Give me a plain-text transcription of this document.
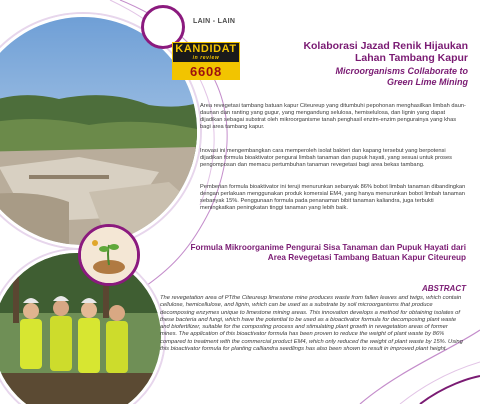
LAIN - LAIN
KANDIDAT
in review
6608
Kolaborasi Jazad Renik Hijaukan Lahan Tambang Kapur
Microorganisms Collaborate to Green Lime Mining
Area revegetasi tambang batuan kapur Citeureup yang ditumbuhi pepohonan menghasilkan limbah daun-daunan dan ranting yang gugur, yang mengandung selulosa, hemiselulosa, dan lignin yang dapat dijadikan sebagai substrat oleh mikroorganisme tanah penghasil enzim-enzim pengurainya yang khas bagi area tambang kapur.
Inovasi ini mengembangkan cara memperoleh isolat bakteri dan kapang tersebut yang berpotensi dijadikan formula bioaktivator pengurai limbah tanaman dan pupuk hayati, yang sesuai untuk proses pengomposan dan memacu pertumbuhan tanaman revegetasi bagi area bekas tambang.
Pemberian formula bioaktivator ini teruji menurunkan sebanyak 86% bobot limbah tanaman dibandingkan dengan perlakuan menggunakan produk komersial EM4, yang hanya menurunkan bobot limbah tanaman sebanyak 15%. Penggunaan formula pada penanaman bibit tanaman kaliandra, juga terbukti meningkatkan peningkatan tinggi tanaman yang lebih baik.
Formula Mikroorganime Pengurai Sisa Tanaman dan Pupuk Hayati dari Area Revegetasi Tambang Batuan Kapur Citeureup
ABSTRACT
The revegetation area of PTthe Citeureup limestone mine produces waste from fallen leaves and twigs, which contain cellulose, hemicellulose, and lignin, which can be used as a substrate by soil microorganisms that produce decomposing enzymes unique to limestone mining areas. This innovation develops a method for obtaining isolates of these bacteria and fungi, which have the potential to be used as a bioactivator formula for decomposing plant waste and biofertilizer, suitable for the composting process and stimulating plant growth in revegetation areas of former mines. The application of this bioactivator formula has been proven to reduce the weight of plant waste by 86% compared to treatment with the commercial product EM4, which only reduced the weight of plant waste by 15%. Using this bioactivator formula for planting calliandra seedlings has also been shown to result in improved plant height.
